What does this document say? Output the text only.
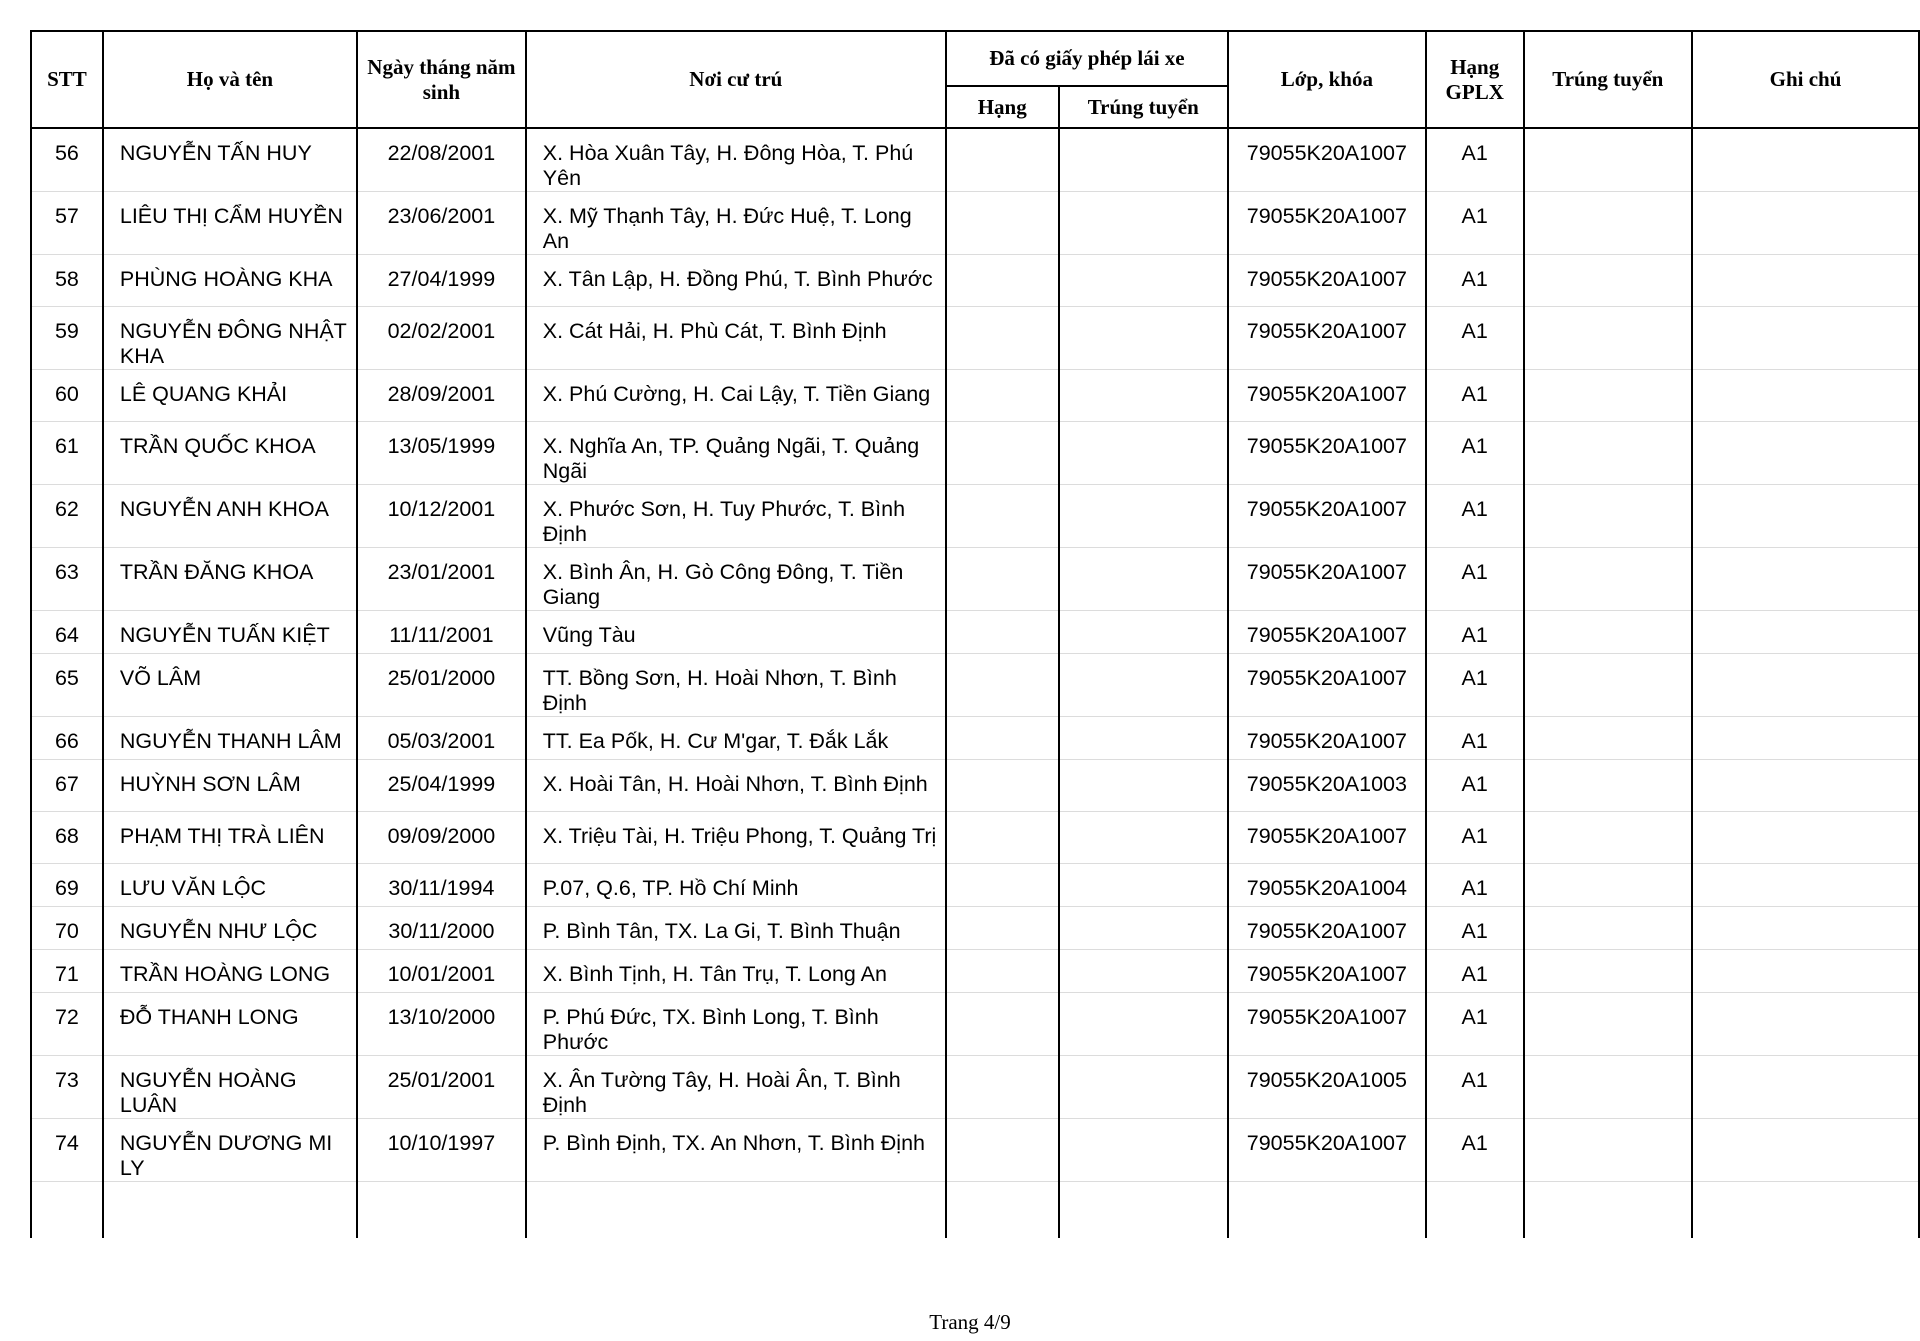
STT	Họ và tên	Ngày tháng năm sinh	Nơi cư trú	Đã có giấy phép lái xe		Lớp, khóa	Hạng GPLX	Trúng tuyển	Ghi chú
				Hạng	Trúng tuyển				
56	NGUYỄN TẤN HUY	22/08/2001	X. Hòa Xuân Tây, H. Đông Hòa, T. Phú Yên			79055K20A1007	A1		
57	LIÊU THỊ CẨM HUYỀN	23/06/2001	X. Mỹ Thạnh Tây, H. Đức Huệ, T. Long An			79055K20A1007	A1		
58	PHÙNG HOÀNG KHA	27/04/1999	X. Tân Lập, H. Đồng Phú, T. Bình Phước			79055K20A1007	A1		
59	NGUYỄN ĐÔNG NHẬT KHA	02/02/2001	X. Cát Hải, H. Phù Cát, T. Bình Định			79055K20A1007	A1		
60	LÊ QUANG KHẢI	28/09/2001	X. Phú Cường, H. Cai Lậy, T. Tiền Giang			79055K20A1007	A1		
61	TRẦN QUỐC KHOA	13/05/1999	X. Nghĩa An, TP. Quảng Ngãi, T. Quảng Ngãi			79055K20A1007	A1		
62	NGUYỄN ANH KHOA	10/12/2001	X. Phước Sơn, H. Tuy Phước, T. Bình Định			79055K20A1007	A1		
63	TRẦN ĐĂNG KHOA	23/01/2001	X. Bình Ân, H. Gò Công Đông, T. Tiền Giang			79055K20A1007	A1		
64	NGUYỄN TUẤN KIỆT	11/11/2001	Vũng Tàu			79055K20A1007	A1		
65	VÕ LÂM	25/01/2000	TT. Bồng Sơn, H. Hoài Nhơn, T. Bình Định			79055K20A1007	A1		
66	NGUYỄN THANH LÂM	05/03/2001	TT. Ea Pốk, H. Cư M'gar, T. Đắk Lắk			79055K20A1007	A1		
67	HUỲNH SƠN LÂM	25/04/1999	X. Hoài Tân, H. Hoài Nhơn, T. Bình Định			79055K20A1003	A1		
68	PHẠM THỊ TRÀ LIÊN	09/09/2000	X. Triệu Tài, H. Triệu Phong, T. Quảng Trị			79055K20A1007	A1		
69	LƯU VĂN LỘC	30/11/1994	P.07, Q.6, TP. Hồ Chí Minh			79055K20A1004	A1		
70	NGUYỄN NHƯ LỘC	30/11/2000	P. Bình Tân, TX. La Gi, T. Bình Thuận			79055K20A1007	A1		
71	TRẦN HOÀNG LONG	10/01/2001	X. Bình Tịnh, H. Tân Trụ, T. Long An			79055K20A1007	A1		
72	ĐỖ THANH LONG	13/10/2000	P. Phú Đức, TX. Bình Long, T. Bình Phước			79055K20A1007	A1		
73	NGUYỄN HOÀNG LUÂN	25/01/2001	X. Ân Tường Tây, H. Hoài Ân, T. Bình Định			79055K20A1005	A1		
74	NGUYỄN DƯƠNG MI LY	10/10/1997	P. Bình Định, TX. An Nhơn, T. Bình Định			79055K20A1007	A1		

Trang 4/9
